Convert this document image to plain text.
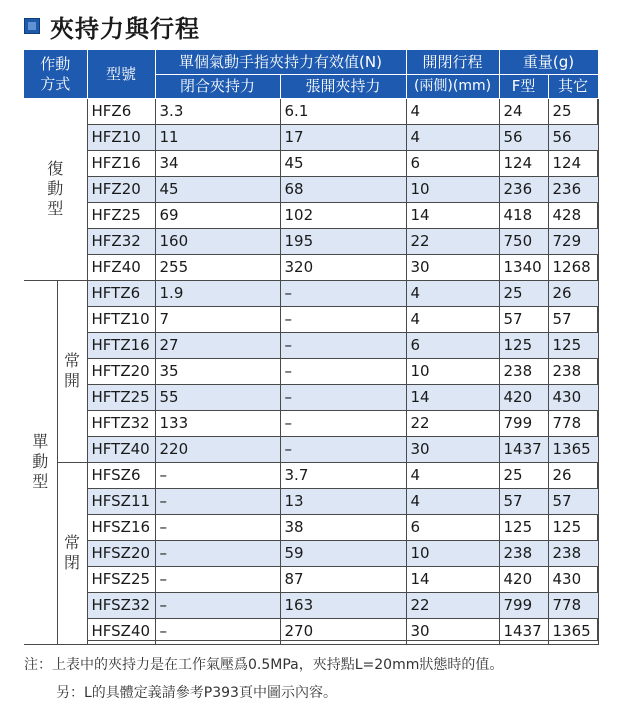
夾持力與行程
作動方式		型號	單個氣動手指夾持力有效值(N)		開閉行程	重量(g)	
			閉合夾持力	張開夾持力	(兩側)(mm)	F型	其它

復動型		HFZ6	3.3	6.1	4	24	25
		HFZ10	11	17	4	56	56
		HFZ16	34	45	6	124	124
		HFZ20	45	68	10	236	236
		HFZ25	69	102	14	418	428
		HFZ32	160	195	22	750	729
		HFZ40	255	320	30	1340	1268

單動型	常開	HFTZ6	1.9	–	4	25	26
		HFTZ10	7	–	4	57	57
		HFTZ16	27	–	6	125	125
		HFTZ20	35	–	10	238	238
		HFTZ25	55	–	14	420	430
		HFTZ32	133	–	22	799	778
		HFTZ40	220	–	30	1437	1365

	常閉	HFSZ6	–	3.7	4	25	26
		HFSZ11	–	13	4	57	57
		HFSZ16	–	38	6	125	125
		HFSZ20	–	59	10	238	238
		HFSZ25	–	87	14	420	430
		HFSZ32	–	163	22	799	778
		HFSZ40	–	270	30	1437	1365
注：上表中的夾持力是在工作氣壓爲0.5MPa，夾持點L=20mm狀態時的值。
另：L的具體定義請參考P393頁中圖示內容。
